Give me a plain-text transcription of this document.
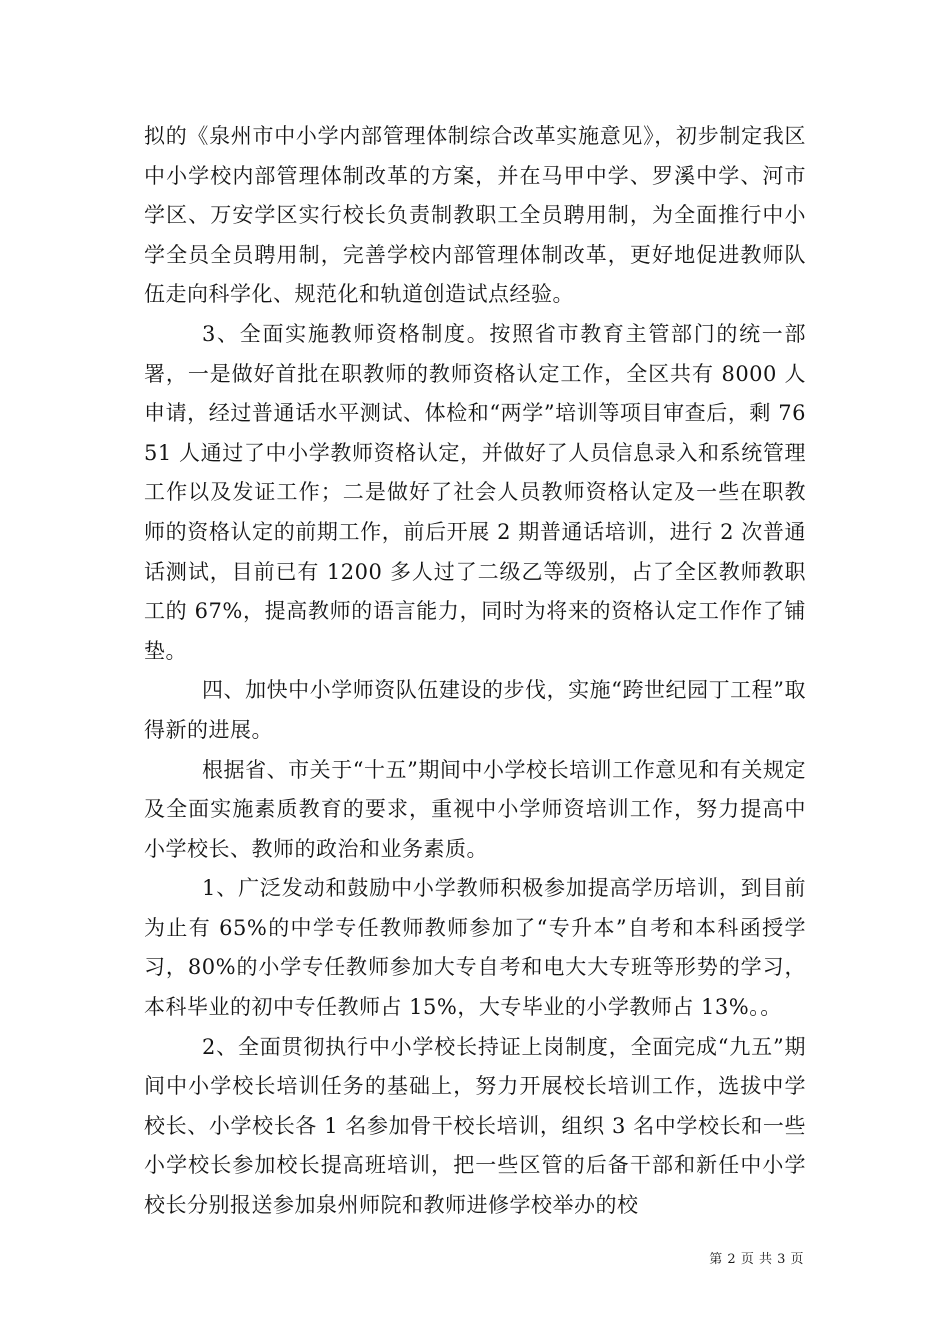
拟的《泉州市中小学内部管理体制综合改革实施意见》，初步制定我区中小学校内部管理体制改革的方案，并在马甲中学、罗溪中学、河市学区、万安学区实行校长负责制教职工全员聘用制，为全面推行中小学全员全员聘用制，完善学校内部管理体制改革，更好地促进教师队伍走向科学化、规范化和轨道创造试点经验。

3、全面实施教师资格制度。按照省市教育主管部门的统一部署，一是做好首批在职教师的教师资格认定工作，全区共有 8000 人申请，经过普通话水平测试、体检和“两学”培训等项目审查后，剩 7651 人通过了中小学教师资格认定，并做好了人员信息录入和系统管理工作以及发证工作；二是做好了社会人员教师资格认定及一些在职教师的资格认定的前期工作，前后开展 2 期普通话培训，进行 2 次普通话测试，目前已有 1200 多人过了二级乙等级别，占了全区教师教职工的 67%，提高教师的语言能力，同时为将来的资格认定工作作了铺垫。

四、加快中小学师资队伍建设的步伐，实施“跨世纪园丁工程”取得新的进展。

根据省、市关于“十五”期间中小学校长培训工作意见和有关规定及全面实施素质教育的要求，重视中小学师资培训工作，努力提高中小学校长、教师的政治和业务素质。

1、广泛发动和鼓励中小学教师积极参加提高学历培训，到目前为止有 65%的中学专任教师教师参加了“专升本”自考和本科函授学习，80%的小学专任教师参加大专自考和电大大专班等形势的学习，本科毕业的初中专任教师占 15%，大专毕业的小学教师占 13%。。

2、全面贯彻执行中小学校长持证上岗制度，全面完成“九五”期间中小学校长培训任务的基础上，努力开展校长培训工作，选拔中学校长、小学校长各 1 名参加骨干校长培训，组织 3 名中学校长和一些小学校长参加校长提高班培训，把一些区管的后备干部和新任中小学校长分别报送参加泉州师院和教师进修学校举办的校

第 2 页 共 3 页
